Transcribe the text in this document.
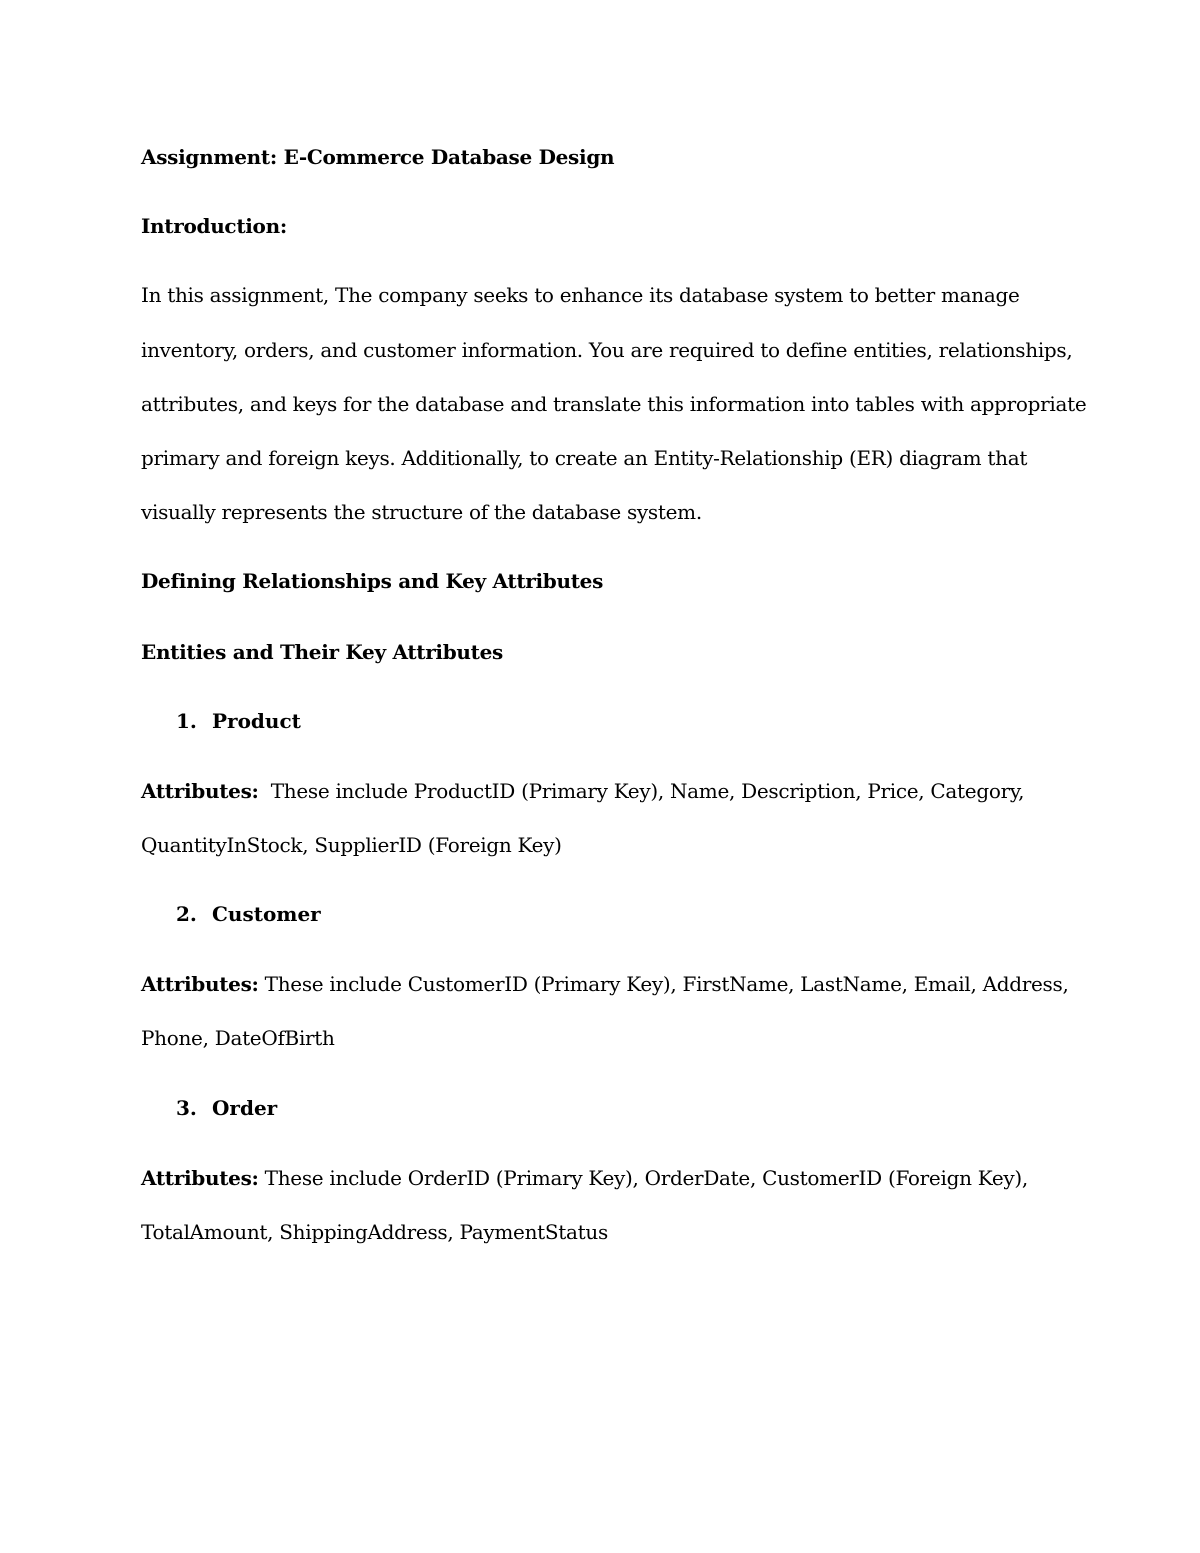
Assignment: E-Commerce Database Design
Introduction:
In this assignment, The company seeks to enhance its database system to better manage
inventory, orders, and customer information. You are required to define entities, relationships,
attributes, and keys for the database and translate this information into tables with appropriate
primary and foreign keys. Additionally, to create an Entity-Relationship (ER) diagram that
visually represents the structure of the database system.
Defining Relationships and Key Attributes
Entities and Their Key Attributes
1. Product
Attributes: These include ProductID (Primary Key), Name, Description, Price, Category,
QuantityInStock, SupplierID (Foreign Key)
2. Customer
Attributes: These include CustomerID (Primary Key), FirstName, LastName, Email, Address,
Phone, DateOfBirth
3. Order
Attributes: These include OrderID (Primary Key), OrderDate, CustomerID (Foreign Key),
TotalAmount, ShippingAddress, PaymentStatus
